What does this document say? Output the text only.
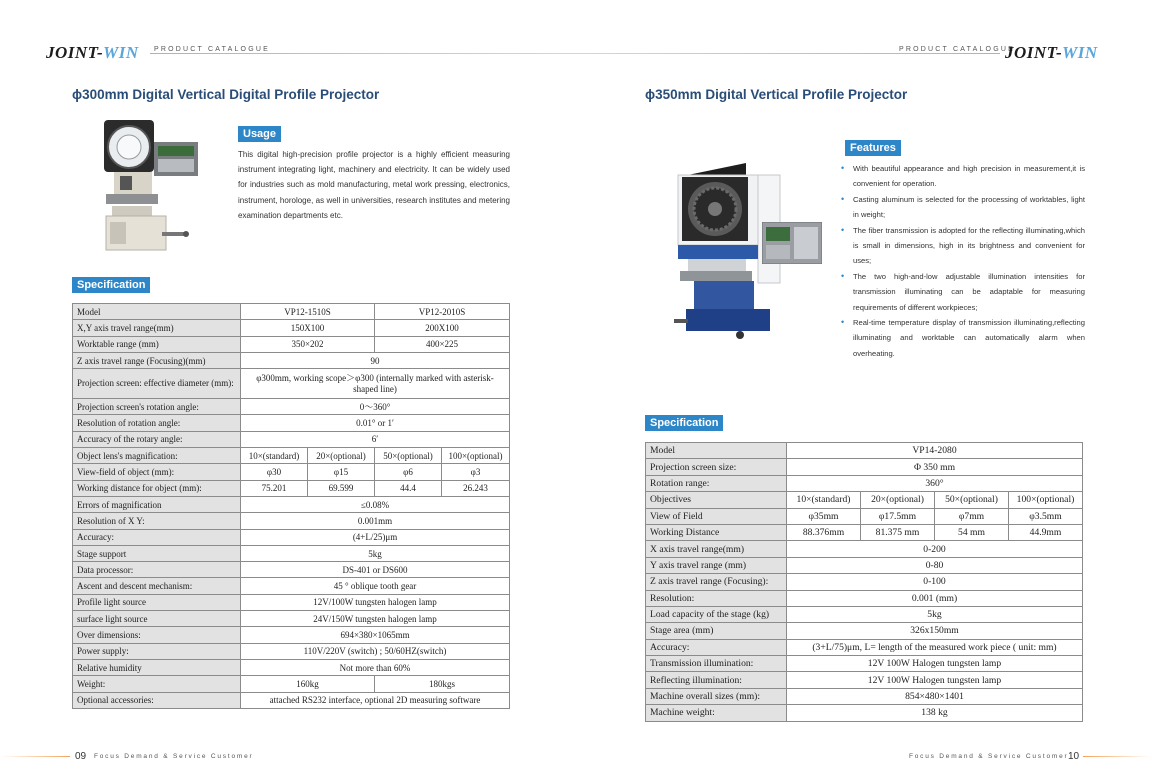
JOINT-WIN PRODUCT CATALOGUE	PRODUCT CATALOGUE
JOINT-WIN
ϕ300mm Digital Vertical Digital Profile Projector
Usage

This digital high-precision profile projector is a highly efficient measuring instrument integrating light, machinery and electricity. It can be widely used for industries such as mold manufacturing, metal work pressing, electronics, instrument, horologe, as well in universities, research institutes and metering examination departments etc.

Specification
Model	VP12-1510S		VP12-2010S	
X,Y axis travel range(mm)	150X100		200X100	
Worktable range (mm)	350×202		400×225	
Z axis travel range (Focusing)(mm)	90			
Projection screen: effective diameter (mm):	φ300mm, working scope＞φ300 (internally marked with asterisk-shaped line)			
Projection screen's rotation angle:	0～360°			
Resolution of rotation angle:	0.01° or 1′			
Accuracy of the rotary angle:	6′			
Object lens's magnification:	10×(standard)	20×(optional)	50×(optional)	100×(optional)
View-field of object (mm):	φ30	φ15	φ6	φ3
Working distance for object (mm):	75.201	69.599	44.4	26.243
Errors of magnification	≤0.08%			
Resolution of X Y:	0.001mm			
Accuracy:	(4+L/25)μm			
Stage support	5kg			
Data processor:	DS-401 or DS600			
Ascent and descent mechanism:	45 ° oblique tooth gear			
Profile light source	12V/100W tungsten halogen lamp			
surface light source	24V/150W tungsten halogen lamp			
Over dimensions:	694×380×1065mm			
Power supply:	110V/220V (switch) ; 50/60HZ(switch)			
Relative humidity	Not more than 60%			
Weight:	160kg		180kgs	
Optional accessories:	attached RS232 interface, optional 2D measuring software			
ϕ350mm Digital Vertical Profile Projector
Features
• With beautiful appearance and high precision in measurement,it is convenient for operation.
• Casting aluminum is selected for the processing of worktables, light in weight;
• The fiber transmission is adopted for the reflecting illuminating,which is small in dimensions, high in its brightness and convenient for uses;
• The two high-and-low adjustable illumination intensities for transmission illuminating can be adaptable for measuring requirements of different workpieces;
• Real-time temperature display of transmission illuminating,reflecting illuminating and worktable can automatically alarm when overheating.
Specification
Model	VP14-2080			
Projection screen size:	Φ 350 mm			
Rotation range:	360°			
Objectives	10×(standard)	20×(optional)	50×(optional)	100×(optional)
View of Field	φ35mm	φ17.5mm	φ7mm	φ3.5mm
Working Distance	88.376mm	81.375 mm	54 mm	44.9mm
X axis travel range(mm)	0-200			
Y axis travel range (mm)	0-80			
Z axis travel range (Focusing):	0-100			
Resolution:	0.001 (mm)			
Load capacity of the stage (kg)	5kg			
Stage area (mm)	326x150mm			
Accuracy:	(3+L/75)μm, L= length of the measured work piece ( unit: mm)			
Transmission illumination:	12V 100W Halogen tungsten lamp			
Reflecting illumination:	12V 100W Halogen tungsten lamp			
Machine overall sizes (mm):	854×480×1401			
Machine weight:	138 kg			
09 Focus Demand & Service Customer	Focus Demand & Service Customer 10
